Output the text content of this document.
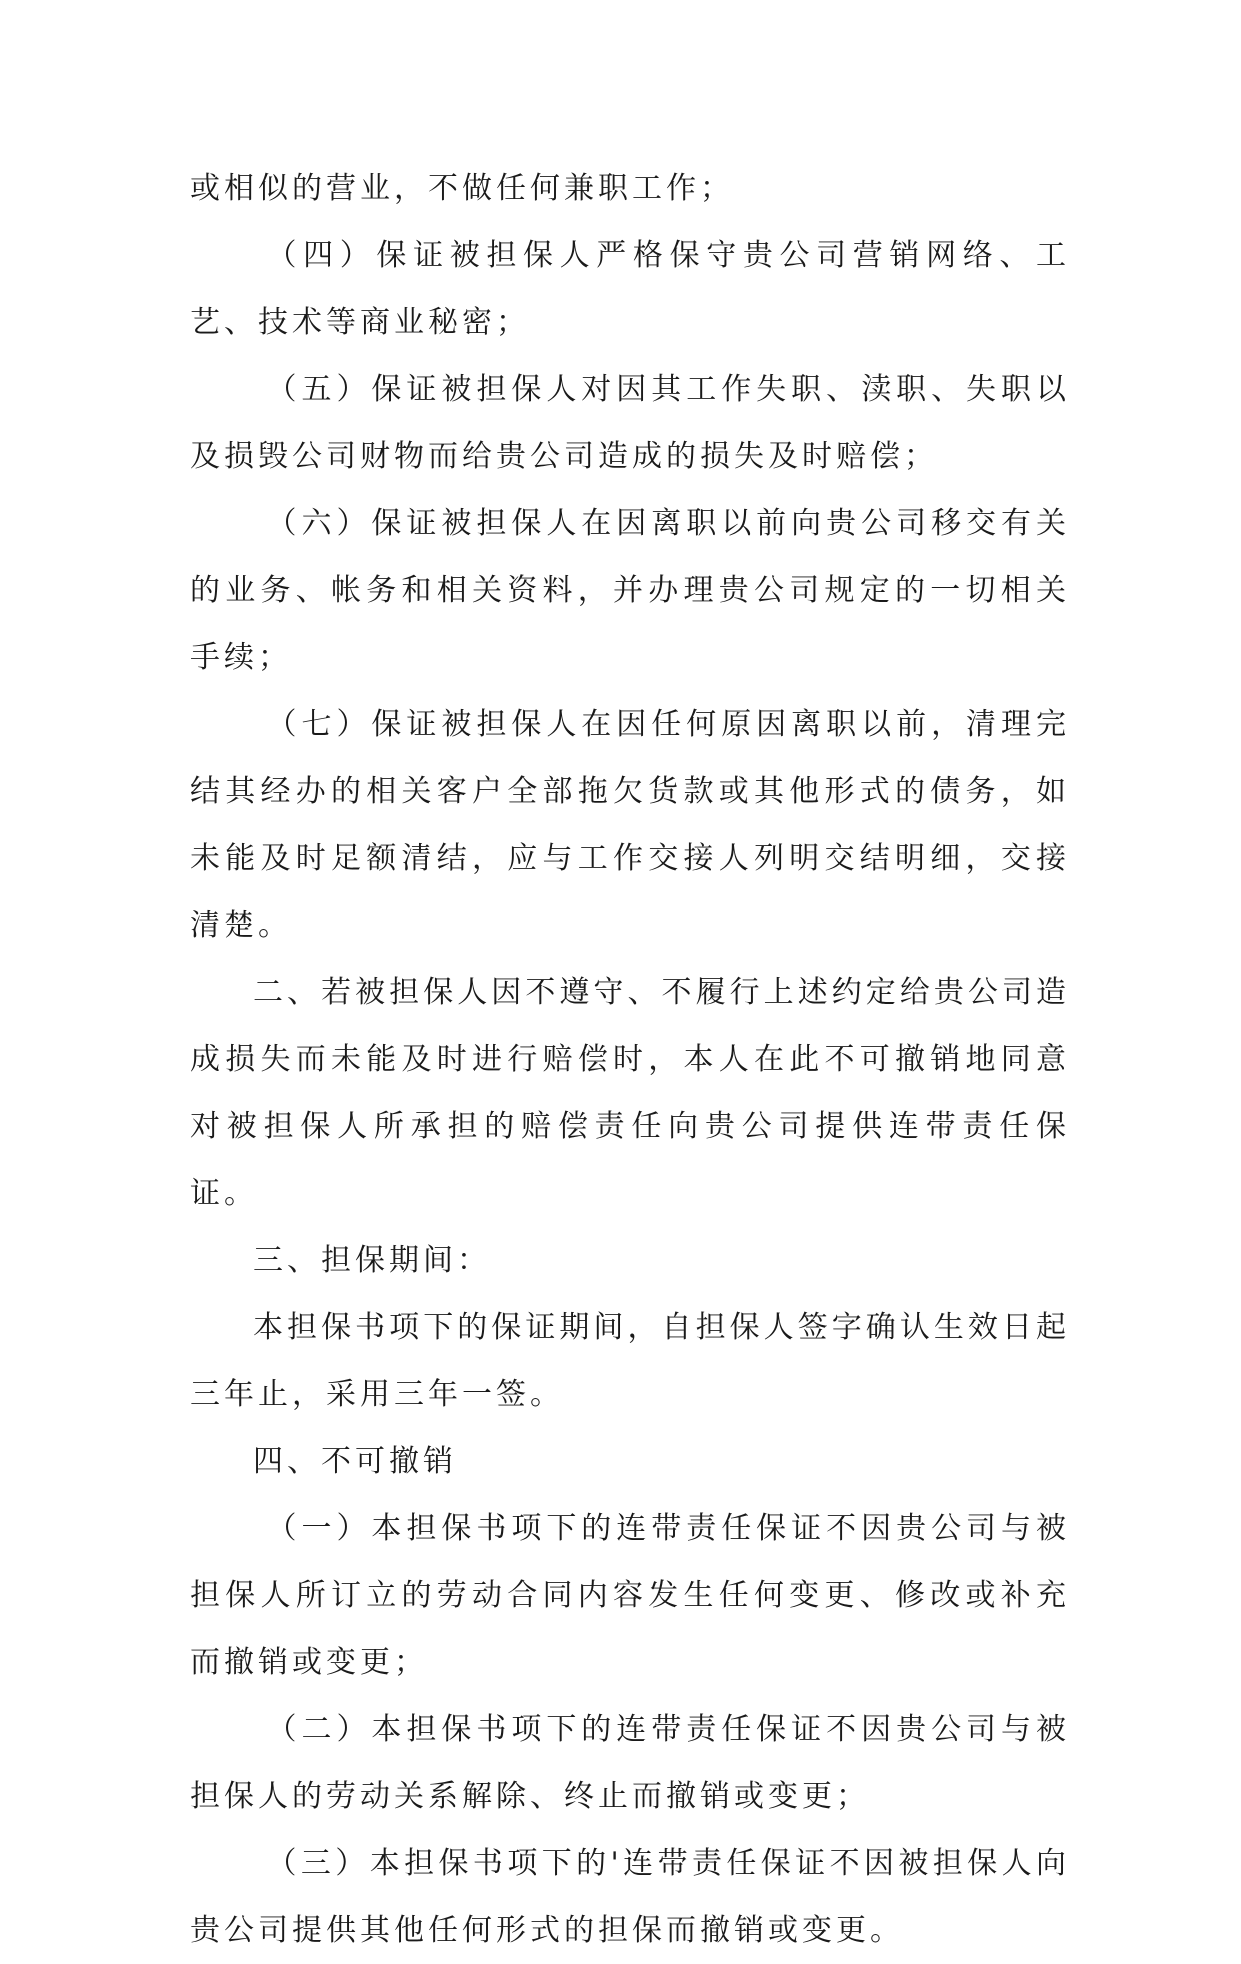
或相似的营业，不做任何兼职工作；

（四）保证被担保人严格保守贵公司营销网络、工艺、技术等商业秘密；

（五）保证被担保人对因其工作失职、渎职、失职以及损毁公司财物而给贵公司造成的损失及时赔偿；

（六）保证被担保人在因离职以前向贵公司移交有关的业务、帐务和相关资料，并办理贵公司规定的一切相关手续；

（七）保证被担保人在因任何原因离职以前，清理完结其经办的相关客户全部拖欠货款或其他形式的债务，如未能及时足额清结，应与工作交接人列明交结明细，交接清楚。

二、若被担保人因不遵守、不履行上述约定给贵公司造成损失而未能及时进行赔偿时，本人在此不可撤销地同意对被担保人所承担的赔偿责任向贵公司提供连带责任保证。

三、担保期间：

本担保书项下的保证期间，自担保人签字确认生效日起三年止，采用三年一签。

四、不可撤销

（一）本担保书项下的连带责任保证不因贵公司与被担保人所订立的劳动合同内容发生任何变更、修改或补充而撤销或变更；

（二）本担保书项下的连带责任保证不因贵公司与被担保人的劳动关系解除、终止而撤销或变更；

（三）本担保书项下的'连带责任保证不因被担保人向贵公司提供其他任何形式的担保而撤销或变更。
